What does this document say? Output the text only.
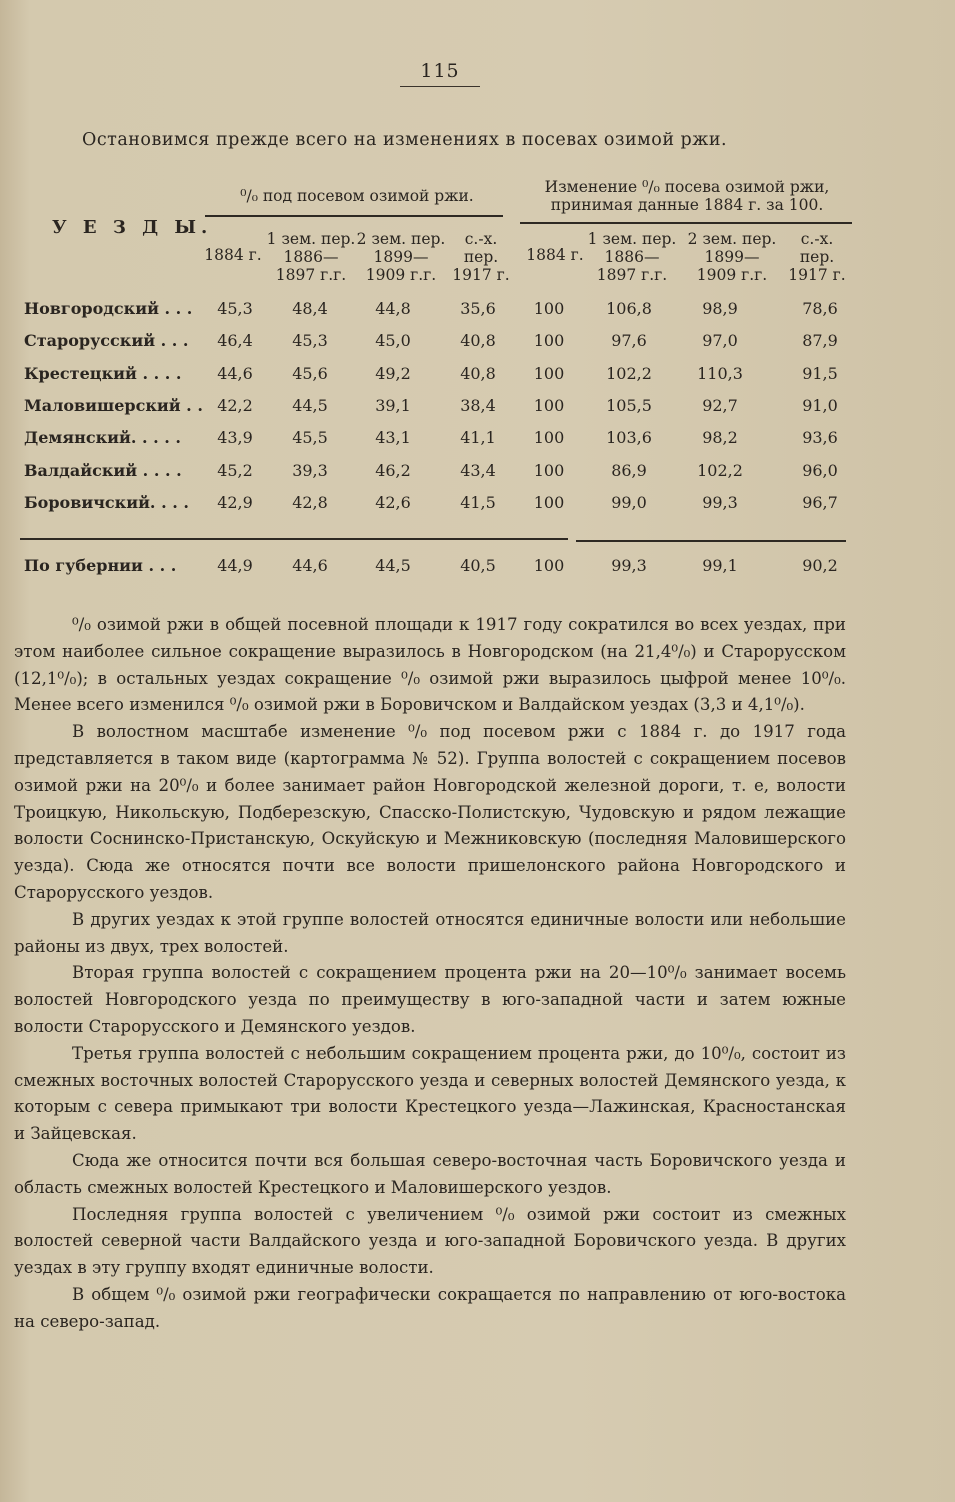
115
Остановимся прежде всего на изменениях в посевах озимой ржи.
У Е З Д Ы.
⁰/₀ под посевом озимой ржи.	Изменение ⁰/₀ посева озимой ржи,
принимая данные 1884 г. за 100.
1884 г.
1 зем. пер.
1886—
1897 г.г.
2 зем. пер.
1899—
1909 г.г.
с.-х.
пер.
1917 г.
1884 г.
1 зем. пер.
1886—
1897 г.г.
2 зем. пер.
1899—
1909 г.г.
с.-х.
пер.
1917 г.
Новгородский . . .	45,3	48,4	44,8	35,6	100	106,8	98,9	78,6
Старорусский . . .	46,4	45,3	45,0	40,8	100	97,6	97,0	87,9
Крестецкий . . . .	44,6	45,6	49,2	40,8	100	102,2	110,3	91,5
Маловишерский . . 42,2	44,5	39,1	38,4	100	105,5	92,7	91,0
Демянский. . . . .	43,9	45,5	43,1	41,1	100	103,6	98,2	93,6
Валдайский . . . .	45,2	39,3	46,2	43,4	100	86,9	102,2	96,0
Боровичский. . . .	42,9	42,8	42,6	41,5	100	99,0	99,3	96,7
По губернии . . .	44,9	44,6	44,5	40,5	100	99,3	99,1	90,2

⁰/₀ озимой ржи в общей посевной площади к 1917 году сократился во всех уездах, при этом наиболее сильное сокращение выразилось в Новгородском (на 21,4⁰/₀) и Старорусском (12,1⁰/₀); в остальных уездах сокращение ⁰/₀ озимой ржи выразилось цыфрой менее 10⁰/₀. Менее всего изменился ⁰/₀ озимой ржи в Боровичском и Валдайском уездах (3,3 и 4,1⁰/₀).

В волостном масштабе изменение ⁰/₀ под посевом ржи с 1884 г. до 1917 года представляется в таком виде (картограмма № 52). Группа волостей с сокращением посевов озимой ржи на 20⁰/₀ и более занимает район Новгородской железной дороги, т. е, волости Троицкую, Никольскую, Подберезскую, Спасско-Полистскую, Чудовскую и рядом лежащие волости Соснинско-Пристанскую, Оскуйскую и Межниковскую (последняя Маловишерского уезда). Сюда же относятся почти все волости пришелонского района Новгородского и Старорусского уездов.

В других уездах к этой группе волостей относятся единичные волости или небольшие районы из двух, трех волостей.

Вторая группа волостей с сокращением процента ржи на 20—10⁰/₀ занимает восемь волостей Новгородского уезда по преимуществу в юго-западной части и затем южные волости Старорусского и Демянского уездов.

Третья группа волостей с небольшим сокращением процента ржи, до 10⁰/₀, состоит из смежных восточных волостей Старорусского уезда и северных волостей Демянского уезда, к которым с севера примыкают три волости Крестецкого уезда—Лажинская, Красностанская и Зайцевская.

Сюда же относится почти вся большая северо-восточная часть Боровичского уезда и область смежных волостей Крестецкого и Маловишерского уездов.

Последняя группа волостей с увеличением ⁰/₀ озимой ржи состоит из смежных волостей северной части Валдайского уезда и юго-западной Боровичского уезда. В других уездах в эту группу входят единичные волости.

В общем ⁰/₀ озимой ржи географически сокращается по направлению от юго-востока на северо-запад.
